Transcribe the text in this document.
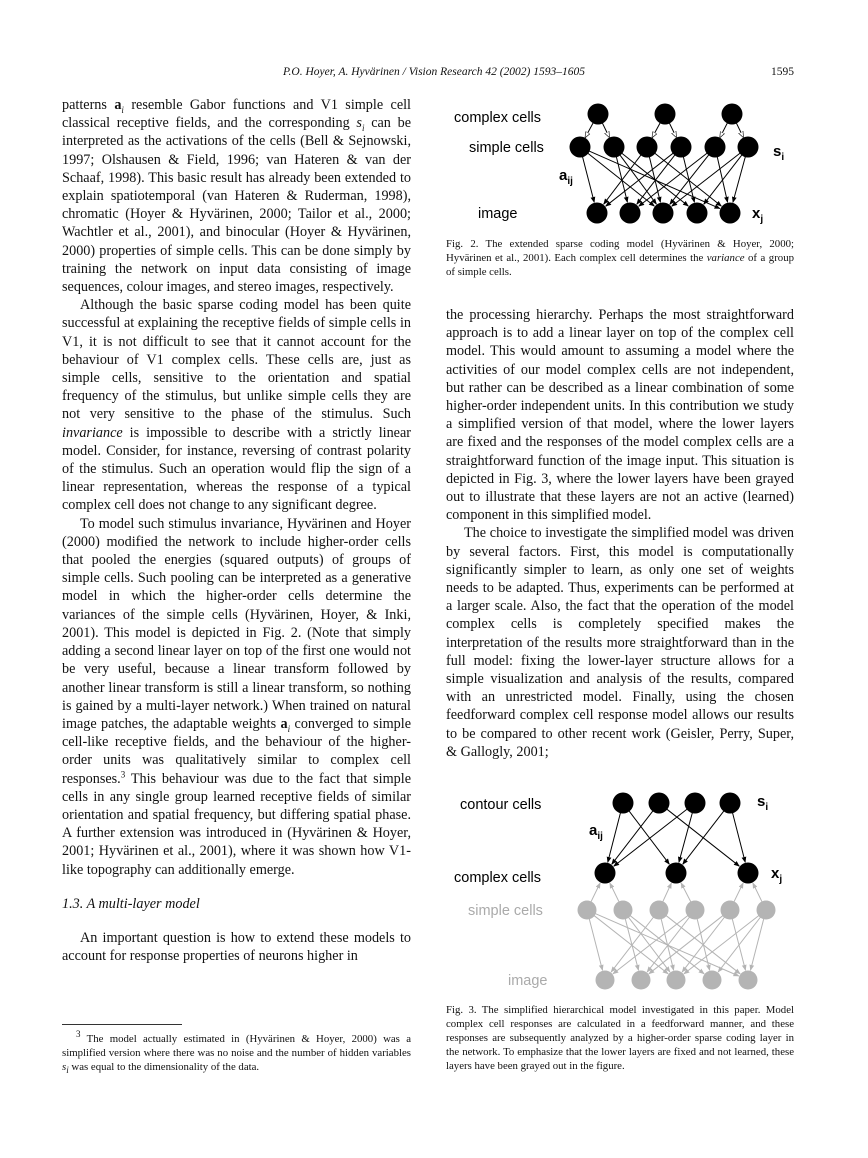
P.O. Hoyer, A. Hyvärinen / Vision Research 42 (2002) 1593–1605	1595

patterns $a_i$ resemble Gabor functions and V1 simple cell classical receptive fields, and the corresponding $s_i$ can be interpreted as the activations of the cells (Bell & Sejnowski, 1997; Olshausen & Field, 1996; van Hateren & van der Schaaf, 1998). This basic result has already been extended to explain spatiotemporal (van Hateren & Ruderman, 1998), chromatic (Hoyer & Hyvärinen, 2000; Tailor et al., 2000; Wachtler et al., 2001), and binocular (Hoyer & Hyvärinen, 2000) properties of simple cells. This can be done simply by training the network on input data consisting of image sequences, colour images, and stereo images, respectively.

Although the basic sparse coding model has been quite successful at explaining the receptive fields of simple cells in V1, it is not difficult to see that it cannot account for the behaviour of V1 complex cells. These cells are, just as simple cells, sensitive to the orientation and spatial frequency of the stimulus, but unlike simple cells they are not very sensitive to the phase of the stimulus. Such invariance is impossible to describe with a strictly linear model. Consider, for instance, reversing of contrast polarity of the stimulus. Such an operation would flip the sign of a linear representation, whereas the response of a typical complex cell does not change to any significant degree.

To model such stimulus invariance, Hyvärinen and Hoyer (2000) modified the network to include higher-order cells that pooled the energies (squared outputs) of groups of simple cells. Such pooling can be interpreted as a generative model in which the higher-order cells determine the variances of the simple cells (Hyvärinen, Hoyer, & Inki, 2001). This model is depicted in Fig. 2. (Note that simply adding a second linear layer on top of the first one would not be very useful, because a linear transform followed by another linear transform is still a linear transform, so nothing is gained by a multi-layer network.) When trained on natural image patches, the adaptable weights $a_i$ converged to simple cell-like receptive fields, and the behaviour of the higher-order units was qualitatively similar to complex cell responses.$^3$ This behaviour was due to the fact that simple cells in any single group learned receptive fields of similar orientation and spatial frequency, but differing spatial phase. A further extension was introduced in (Hyvärinen & Hoyer, 2001; Hyvärinen et al., 2001), where it was shown how V1-like topography can additionally emerge.

1.3. A multi-layer model

An important question is how to extend these models to account for response properties of neurons higher in

$^3$ The model actually estimated in (Hyvärinen & Hoyer, 2000) was a simplified version where there was no noise and the number of hidden variables $s_i$ was equal to the dimensionality of the data.
complex cells
simple cells
image
$a_{ij}$
$s_i$
$x_j$
contour cells
complex cells
simple cells
image
$a_{ij}$
$s_i$
$x_j$
Fig. 2. The extended sparse coding model (Hyvärinen & Hoyer, 2000; Hyvärinen et al., 2001). Each complex cell determines the variance of a group of simple cells.

the processing hierarchy. Perhaps the most straightforward approach is to add a linear layer on top of the complex cell model. This would amount to assuming a model where the activities of our model complex cells are not independent, but rather can be described as a linear combination of some higher-order independent units. In this contribution we study a simplified version of that model, where the lower layers are fixed and the responses of the model complex cells are a straightforward function of the image input. This situation is depicted in Fig. 3, where the lower layers have been grayed out to illustrate that these layers are not an active (learned) component in this simplified model.

The choice to investigate the simplified model was driven by several factors. First, this model is computationally significantly simpler to learn, as only one set of weights needs to be adapted. Thus, experiments can be performed at a larger scale. Also, the fact that the operation of the model complex cells is completely specified makes the interpretation of the results more straightforward than in the full model: fixing the lower-layer structure allows for a simple visualization and analysis of the results, compared with an unrestricted model. Finally, using the chosen feedforward complex cell response model allows our results to be compared to other recent work (Geisler, Perry, Super, & Gallogly, 2001;

Fig. 3. The simplified hierarchical model investigated in this paper. Model complex cell responses are calculated in a feedforward manner, and these responses are subsequently analyzed by a higher-order sparse coding layer in the network. To emphasize that the lower layers are fixed and not learned, these layers have been grayed out in the figure.
